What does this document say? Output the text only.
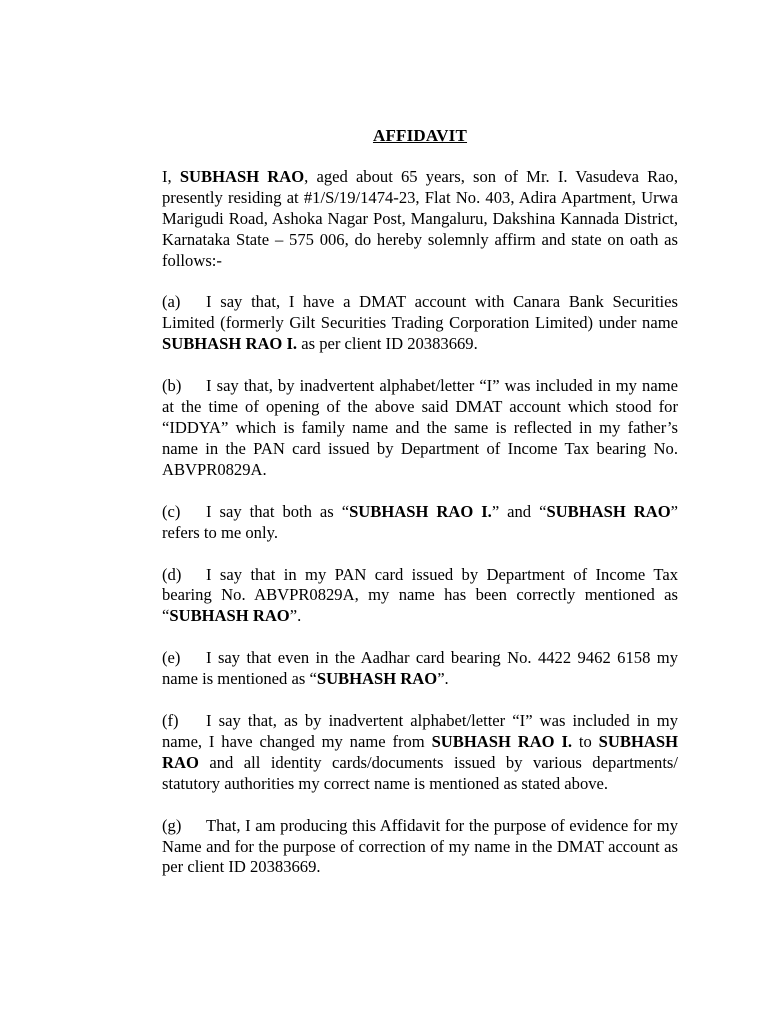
AFFIDAVIT

I, SUBHASH RAO, aged about 65 years, son of Mr. I. Vasudeva Rao, presently residing at #1/S/19/1474-23, Flat No. 403, Adira Apartment, Urwa Marigudi Road, Ashoka Nagar Post, Mangaluru, Dakshina Kannada District, Karnataka State – 575 006, do hereby solemnly affirm and state on oath as follows:-

(a) I say that, I have a DMAT account with Canara Bank Securities Limited (formerly Gilt Securities Trading Corporation Limited) under name SUBHASH RAO I. as per client ID 20383669.

(b) I say that, by inadvertent alphabet/letter “I” was included in my name at the time of opening of the above said DMAT account which stood for “IDDYA” which is family name and the same is reflected in my father’s name in the PAN card issued by Department of Income Tax bearing No. ABVPR0829A.

(c) I say that both as “SUBHASH RAO I.” and “SUBHASH RAO” refers to me only.

(d) I say that in my PAN card issued by Department of Income Tax bearing No. ABVPR0829A, my name has been correctly mentioned as “SUBHASH RAO”.

(e) I say that even in the Aadhar card bearing No. 4422 9462 6158 my name is mentioned as “SUBHASH RAO”.

(f) I say that, as by inadvertent alphabet/letter “I” was included in my name, I have changed my name from SUBHASH RAO I. to SUBHASH RAO and all identity cards/documents issued by various departments/ statutory authorities my correct name is mentioned as stated above.

(g) That, I am producing this Affidavit for the purpose of evidence for my Name and for the purpose of correction of my name in the DMAT account as per client ID 20383669.
